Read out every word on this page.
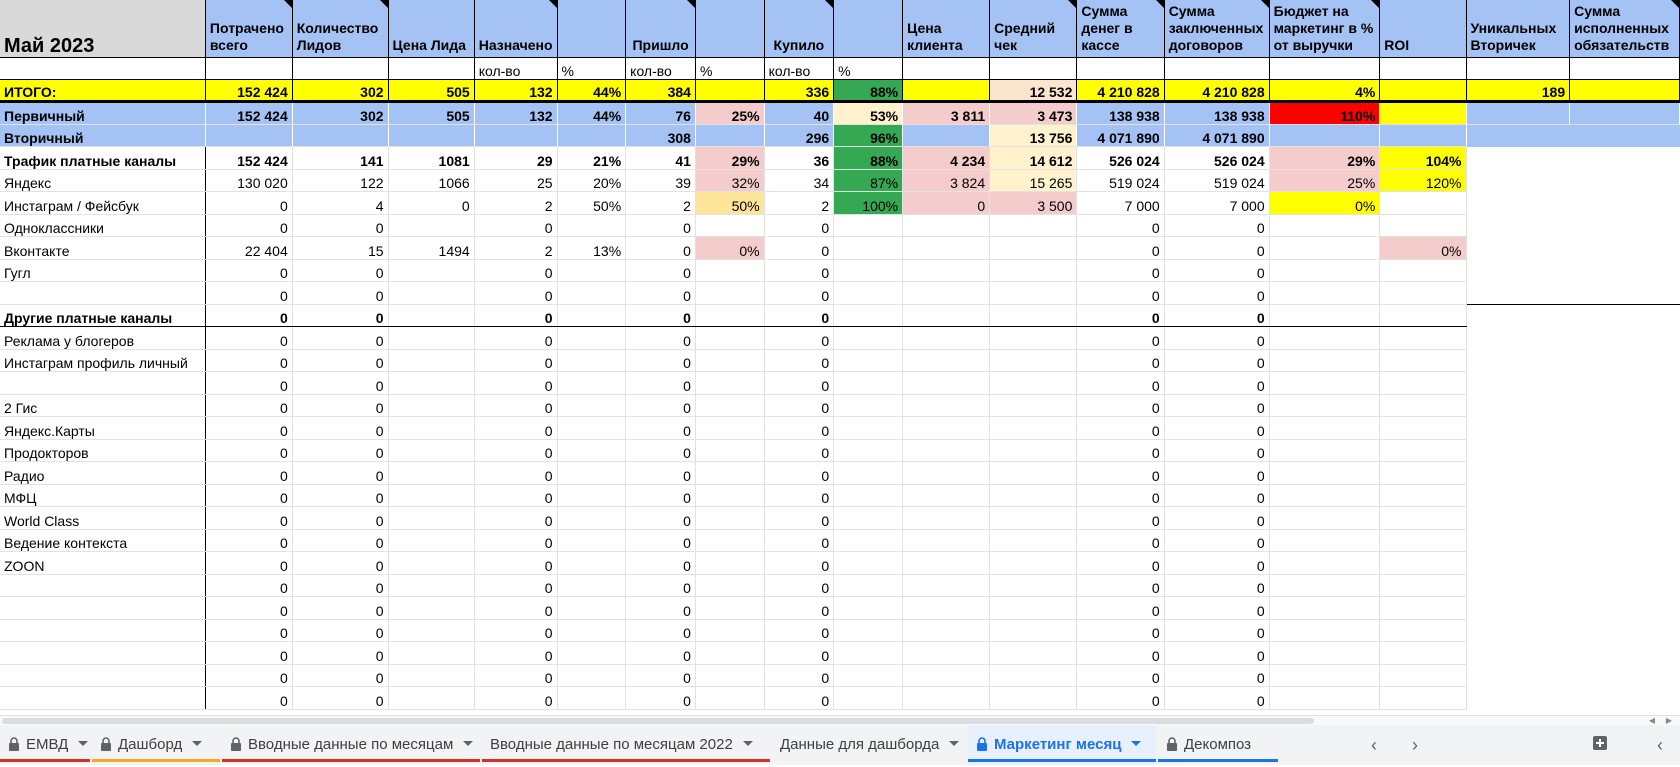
Май 2023	Потрачено всего	Количество Лидов	Цена Лида	Назначено		Пришло		Купило		Цена клиента	Средний чек	Сумма денег в кассе	Сумма заключенных договоров	Бюджет на маркетинг в % от выручки	ROI	Уникальных Вторичек	Сумма исполненных обязательств
				кол-во	%	кол-во	%	кол-во	%								
ИТОГО:	152 424	302	505	132	44%	384		336	88%		12 532	4 210 828	4 210 828	4%		189	
Первичный	152 424	302	505	132	44%	76	25%	40	53%	3 811	3 473	138 938	138 938	110%			
Вторичный						308		296	96%		13 756	4 071 890	4 071 890				
Трафик платные каналы	152 424	141	1081	29	21%	41	29%	36	88%	4 234	14 612	526 024	526 024	29%	104%		
Яндекс	130 020	122	1066	25	20%	39	32%	34	87%	3 824	15 265	519 024	519 024	25%	120%		
Инстаграм / Фейсбук	0	4	0	2	50%	2	50%	2	100%	0	3 500	7 000	7 000	0%			
Одноклассники	0	0		0		0		0				0	0				
Вконтакте	22 404	15	1494	2	13%	0	0%	0				0	0		0%		
Гугл	0	0		0		0		0				0	0				
	0	0		0		0		0				0	0				
Другие платные каналы	0	0		0		0		0				0	0				
Реклама у блогеров	0	0		0		0		0				0	0				
Инстаграм профиль личный	0	0		0		0		0				0	0				
	0	0		0		0		0				0	0				
2 Гис	0	0		0		0		0				0	0				
Яндекс.Карты	0	0		0		0		0				0	0				
Продокторов	0	0		0		0		0				0	0				
Радио	0	0		0		0		0				0	0				
МФЦ	0	0		0		0		0				0	0				
World Class	0	0		0		0		0				0	0				
Ведение контекста	0	0		0		0		0				0	0				
ZOON	0	0		0		0		0				0	0				
	0	0		0		0		0				0	0				
	0	0		0		0		0				0	0				
	0	0		0		0		0				0	0				
	0	0		0		0		0				0	0				
	0	0		0		0		0				0	0				
	0	0		0		0		0				0	0				
◀	▶
ЕМВД	Дашборд	Вводные данные по месяцам	Вводные данные по месяцам 2022	Данные для дашборда	Маркетинг месяц	Декомпоз	‹	›	‹
